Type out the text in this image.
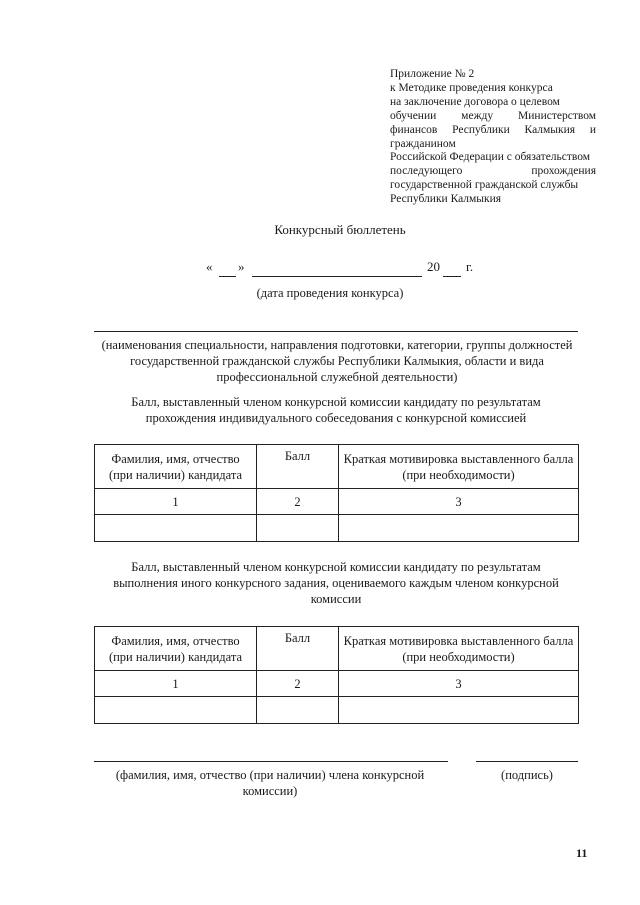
Приложение № 2
к Методике проведения конкурса
на заключение договора о целевом
обучении между Министерством
финансов Республики Калмыкия и
гражданином
Российской Федерации с обязательством
последующего прохождения
государственной гражданской службы
Республики Калмыкия
Конкурсный бюллетень
« »	20 г.
(дата проведения конкурса)
(наименования специальности, направления подготовки, категории, группы должностей государственной гражданской службы Республики Калмыкия, области и вида профессиональной служебной деятельности)
Балл, выставленный членом конкурсной комиссии кандидату по результатам прохождения индивидуального собеседования с конкурсной комиссией
Фамилия, имя, отчество (при наличии) кандидата	Балл	Краткая мотивировка выставленного балла (при необходимости)
1	2	3

Балл, выставленный членом конкурсной комиссии кандидату по результатам выполнения иного конкурсного задания, оцениваемого каждым членом конкурсной комиссии
Фамилия, имя, отчество (при наличии) кандидата	Балл	Краткая мотивировка выставленного балла (при необходимости)
1	2	3

(фамилия, имя, отчество (при наличии) члена конкурсной комиссии)
(подпись)
11
